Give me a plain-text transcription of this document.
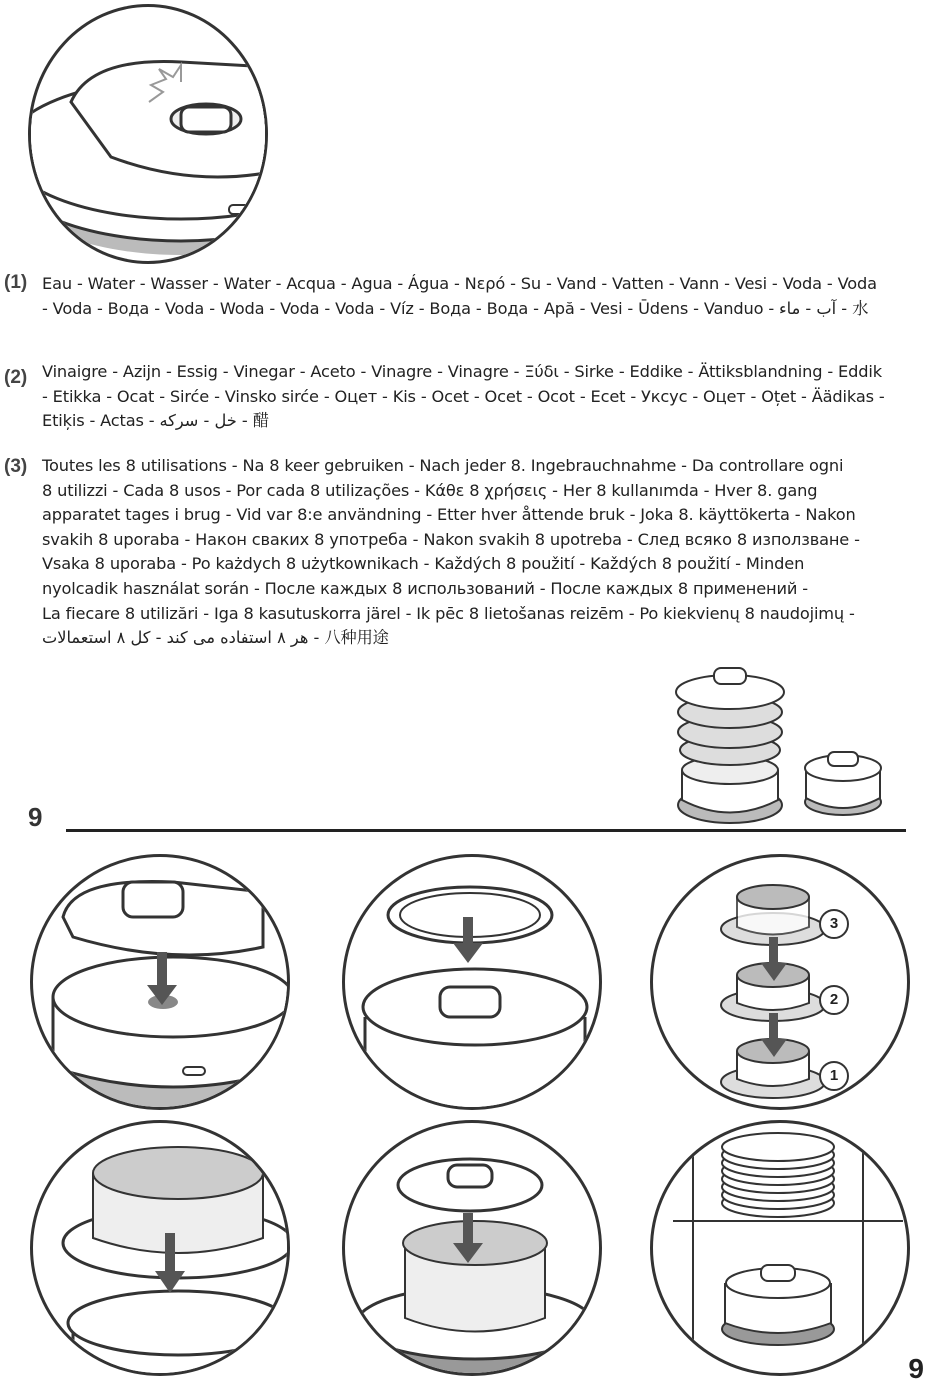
(1) Eau - Water - Wasser - Water - Acqua - Agua - Água - Νερό - Su - Vand - Vatten - Vann - Vesi - Voda - Voda
- Voda - Вода - Voda - Woda - Voda - Voda - Víz - Вода - Вода - Apă - Vesi - Ūdens - Vanduo - آب - ماء - 水
(2) Vinaigre - Azijn - Essig - Vinegar - Aceto - Vinagre - Vinagre - Ξύδι - Sirke - Eddike - Ättiksblandning - Eddik
- Etikka - Ocat - Sirće - Vinsko sirće - Оцет - Kis - Ocet - Ocet - Ocot - Ecet - Уксус - Оцет - Oțet - Äädikas -
Etiķis - Actas - خل - سركه - 醋
(3) Toutes les 8 utilisations - Na 8 keer gebruiken - Nach jeder 8. Ingebrauchnahme - Da controllare ogni
8 utilizzi - Cada 8 usos - Por cada 8 utilizações - Κάθε 8 χρήσεις - Her 8 kullanımda - Hver 8. gang
apparatet tages i brug - Vid var 8:e användning - Etter hver åttende bruk - Joka 8. käyttökerta - Nakon
svakih 8 uporaba - Након сваких 8 употреба - Nakon svakih 8 upotreba - След всяко 8 използване -
Vsaka 8 uporaba - Po każdych 8 użytkownikach - Každých 8 použití - Každých 8 použití - Minden
nyolcadik használat során - После каждых 8 использований - После каждых 8 применений -
La fiecare 8 utilizări - Iga 8 kasutuskorra järel - Ik pēc 8 lietošanas reizēm - Po kiekvienų 8 naudojimų -
هر ٨ استفاده می کند - کل ٨ استعمالات - 八种用途
9
3
2
1
9
